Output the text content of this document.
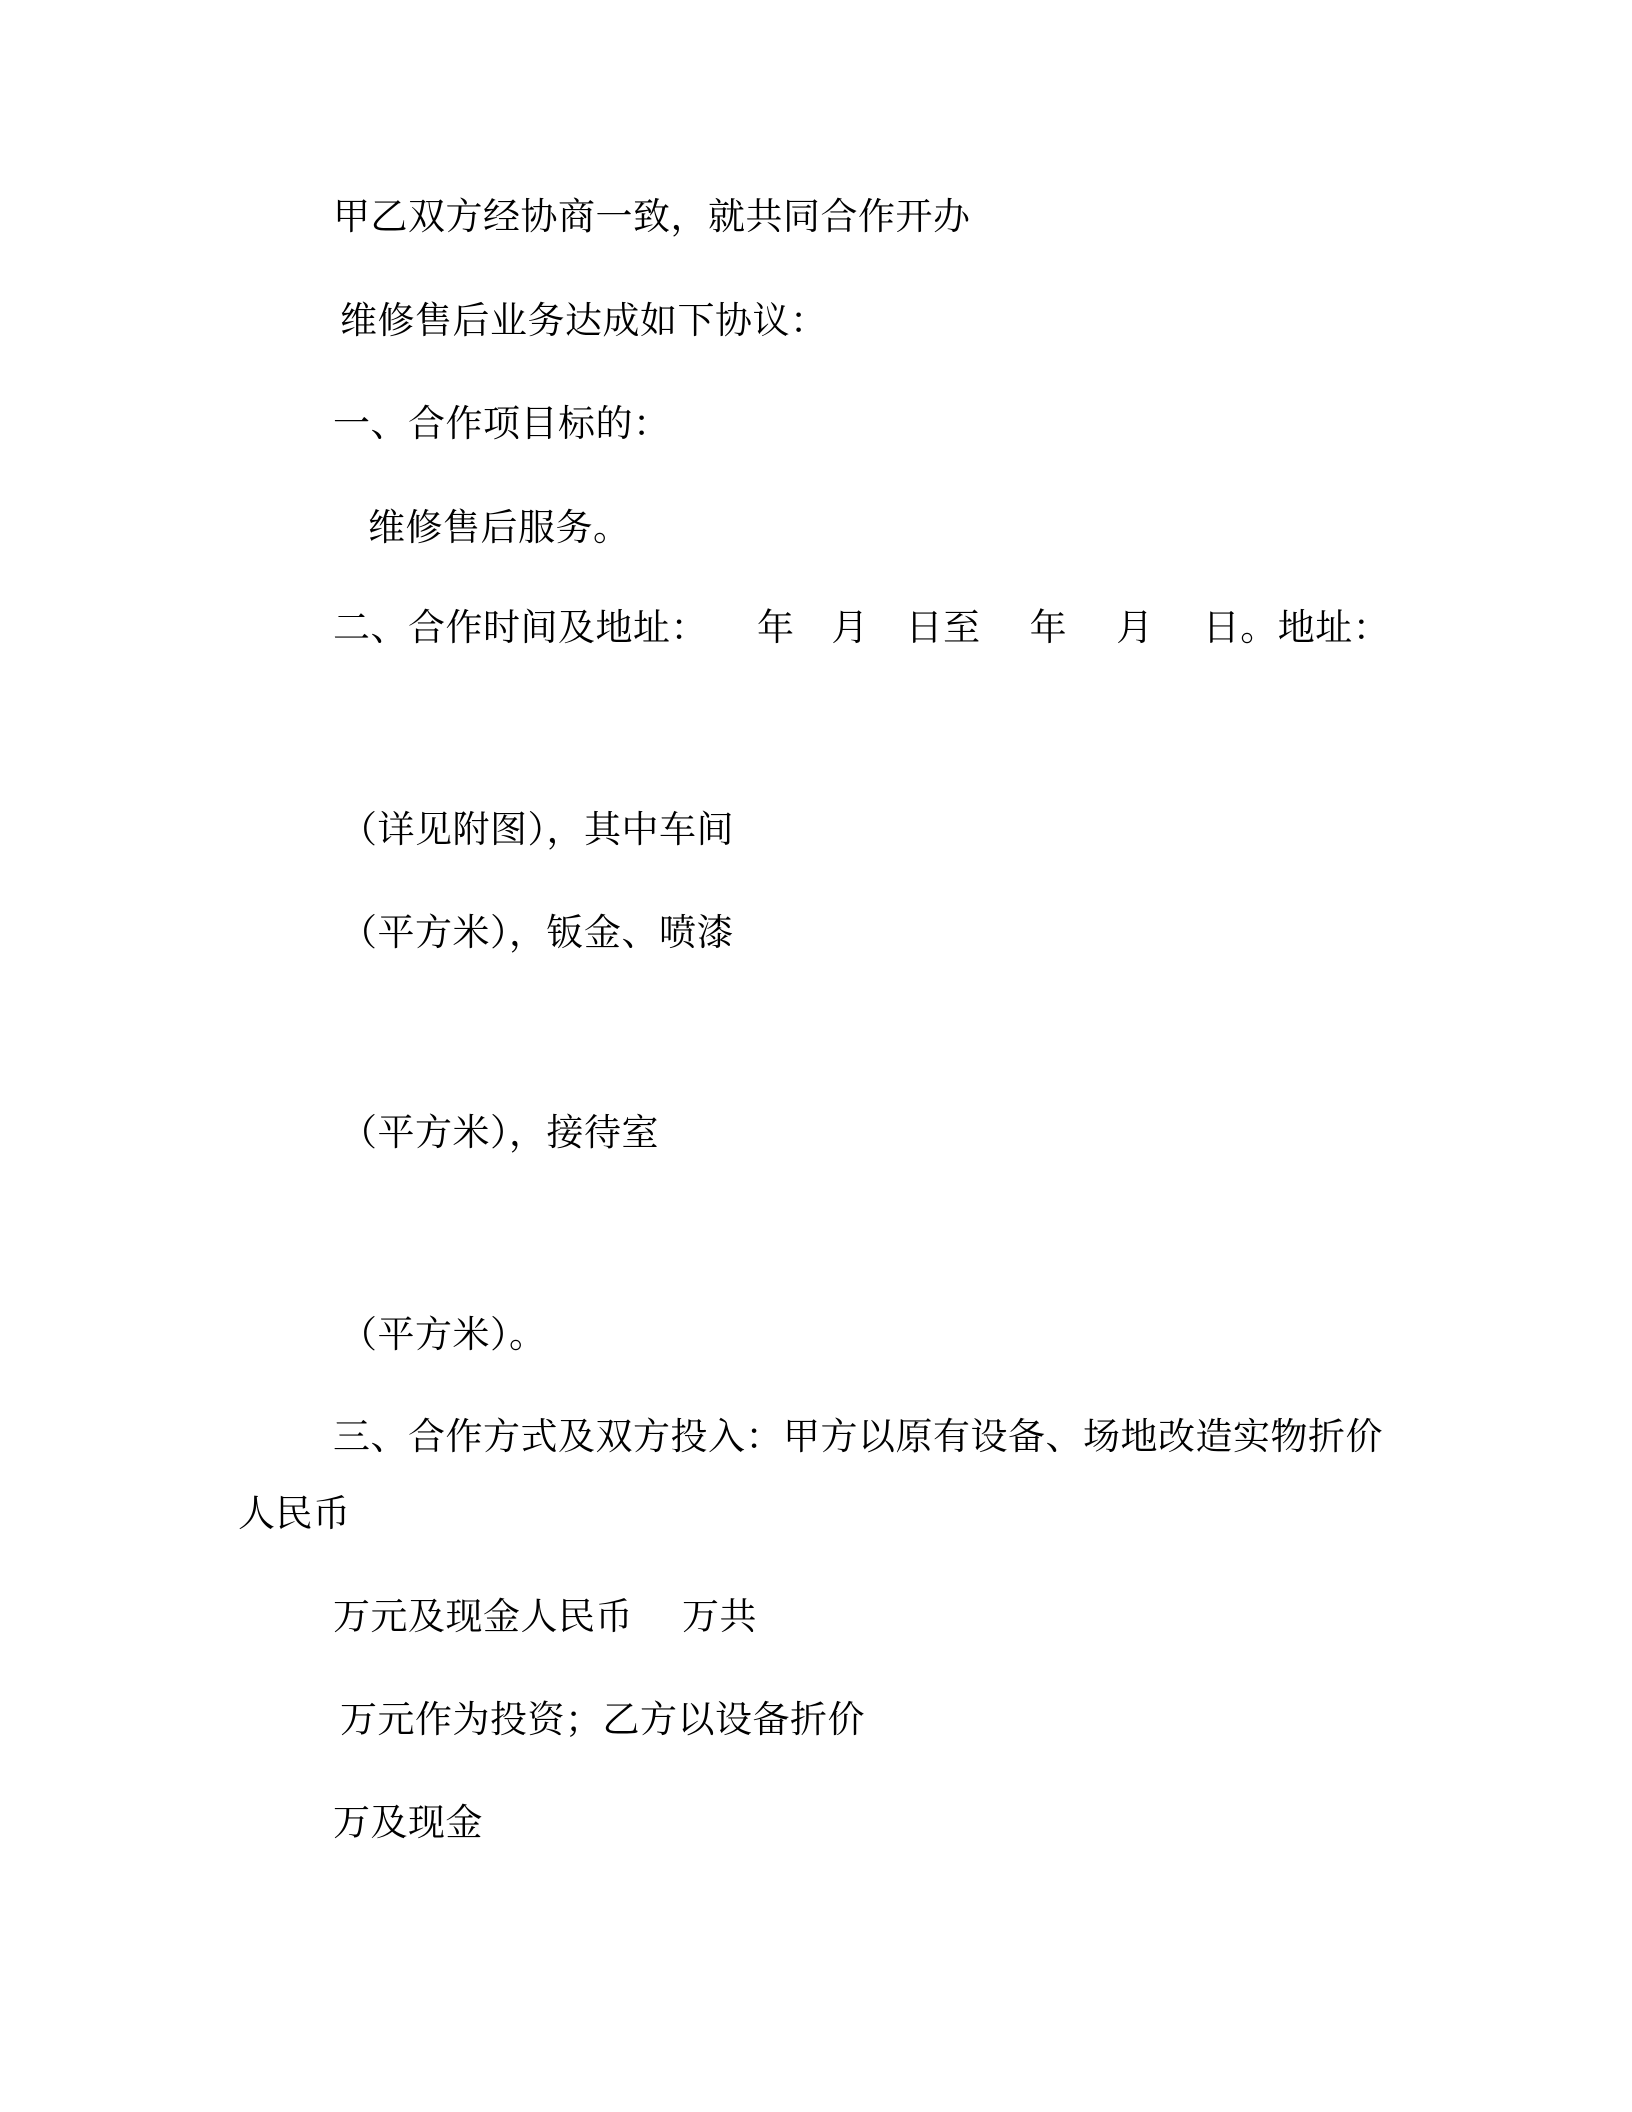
甲乙双方经协商一致，就共同合作开办
维修售后业务达成如下协议：
一、合作项目标的：
维修售后服务。
二、合作时间及地址：    年   月   日至    年    月    日。地址：
（详见附图），其中车间
（平方米），钣金、喷漆
（平方米），接待室
（平方米）。
三、合作方式及双方投入：甲方以原有设备、场地改造实物折价
人民币
万元及现金人民币    万共
万元作为投资；乙方以设备折价
万及现金
